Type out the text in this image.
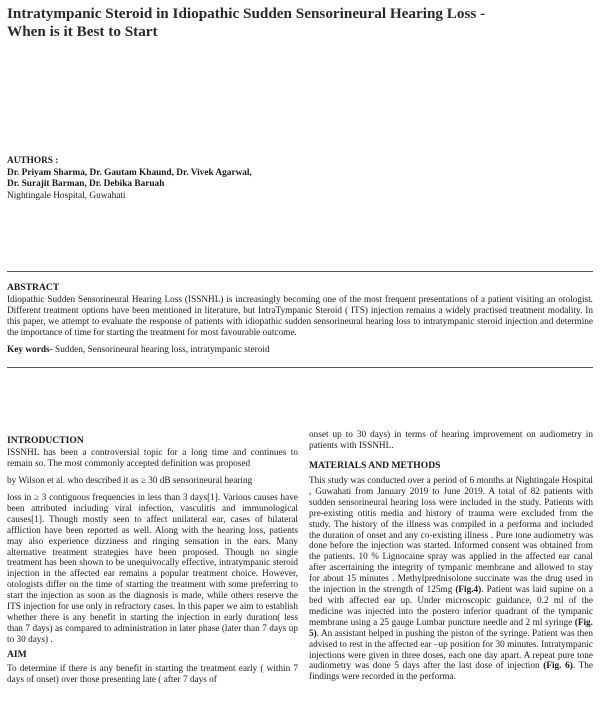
Intratympanic Steroid in Idiopathic Sudden Sensorineural Hearing Loss -
When is it Best to Start
AUTHORS :
Dr. Priyam Sharma, Dr. Gautam Khaund, Dr. Vivek Agarwal,
Dr. Surajit Barman, Dr. Debika Baruah
Nightingale Hospital, Guwahati
ABSTRACT
Idiopathic Sudden Sensorineural Hearing Loss (ISSNHL) is increasingly becoming one of the most frequent presentations of a patient visiting an otologist. Different treatment options have been mentioned in literature, but IntraTympanic Steroid ( ITS) injection remains a widely practised treatment modality. In this paper, we attempt to evaluate the response of patients with idiopathic sudden sensorineural hearing loss to intratympanic steroid injection and determine the importance of time for starting the treatment for most favourable outcome.
Key words- Sudden, Sensorineural hearing loss, intratympanic steroid
INTRODUCTION
ISSNHL has been a controversial topic for a long time and continues to remain so. The most commonly accepted definition was proposed
by Wilson et al. who described it as ≥ 30 dB sensorineural hearing
loss in ≥ 3 contiguous frequencies in less than 3 days[1]. Various causes have been attributed including viral infection, vasculitis and immunological causes[1]. Though mostly seen to affect unilateral ear, cases of bilateral affliction have been reported as well. Along with the hearing loss, patients may also experience dizziness and ringing sensation in the ears. Many alternative treatment strategies have been proposed. Though no single treatment has been shown to be unequivocally effective, intratympanic steroid injection in the affected ear remains a popular treatment choice. However, otologists differ on the time of starting the treatment with some preferring to start the injection as soon as the diagnosis is made, while others reserve the ITS injection for use only in refractory cases. In this paper we aim to establish whether there is any benefit in starting the injection in early duration( less than 7 days) as compared to administration in later phase (later than 7 days up to 30 days) .
AIM
To determine if there is any benefit in starting the treatment early ( within 7 days of onset) over those presenting late ( after 7 days of
onset up to 30 days) in terms of hearing improvement on audiometry in patients with ISSNHL.
MATERIALS AND METHODS
This study was conducted over a period of 6 months at Nightingale Hospital , Guwahati from January 2019 to June 2019. A total of 82 patients with sudden sensorineural hearing loss were included in the study. Patients with pre-existing otitis media and history of trauma were excluded from the study. The history of the illness was compiled in a performa and included the duration of onset and any co-existing illness . Pure tone audiometry was done before the injection was started. Informed consent was obtained from the patients. 10 % Lignocaine spray was applied in the affected ear canal after ascertaining the integrity of tympanic membrane and allowed to stay for about 15 minutes . Methylprednisolone succinate was the drug used in the injection in the strength of 125mg (Fig.4). Patient was laid supine on a bed with affected ear up. Under microscopic guidance, 0.2 ml of the medicine was injected into the postero inferior quadrant of the tympanic membrane using a 25 gauge Lumbar puncture needle and 2 ml syringe (Fig. 5). An assistant helped in pushing the piston of the syringe. Patient was then advised to rest in the affected ear –up position for 30 minutes. Intratympanic injections were given in three doses, each one day apart. A repeat pure tone audiometry was done 5 days after the last dose of injection (Fig. 6). The findings were recorded in the performa.
